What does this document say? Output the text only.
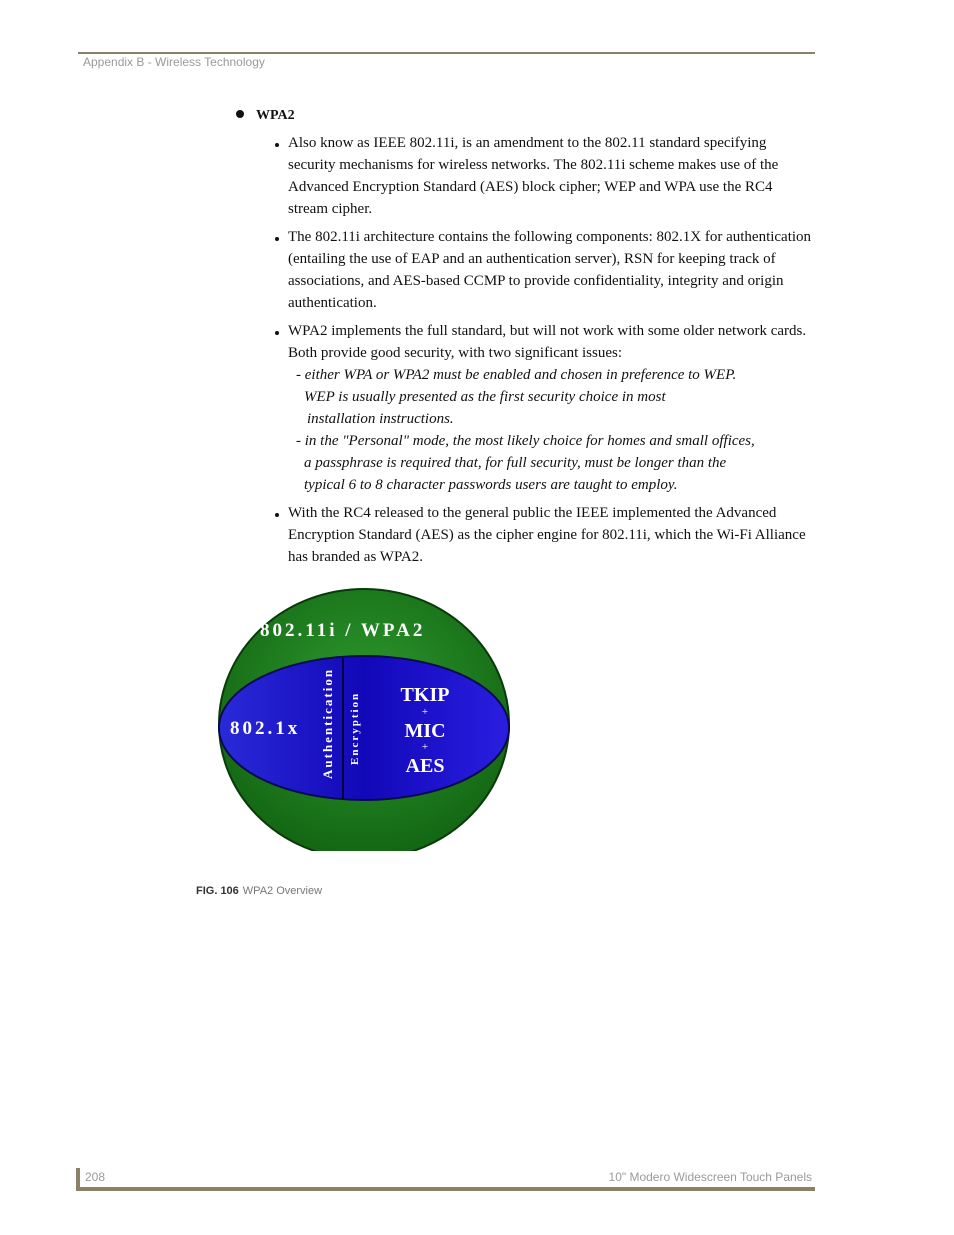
Appendix B - Wireless Technology
WPA2
Also know as IEEE 802.11i, is an amendment to the 802.11 standard specifying security mechanisms for wireless networks. The 802.11i scheme makes use of the Advanced Encryption Standard (AES) block cipher; WEP and WPA use the RC4 stream cipher.
The 802.11i architecture contains the following components: 802.1X for authentication (entailing the use of EAP and an authentication server), RSN for keeping track of associations, and AES-based CCMP to provide confidentiality, integrity and origin authentication.
WPA2 implements the full standard, but will not work with some older network cards. Both provide good security, with two significant issues:
- either WPA or WPA2 must be enabled and chosen in preference to WEP.
WEP is usually presented as the first security choice in most
installation instructions.
- in the "Personal" mode, the most likely choice for homes and small offices,
a passphrase is required that, for full security, must be longer than the
typical 6 to 8 character passwords users are taught to employ.
With the RC4 released to the general public the IEEE implemented the Advanced Encryption Standard (AES) as the cipher engine for 802.11i, which the Wi-Fi Alliance has branded as WPA2.
802.11i / WPA2
802.1x Authentication Encryption	TKIP
+
MIC
+
AES
FIG. 106 WPA2 Overview
208	10" Modero Widescreen Touch Panels
